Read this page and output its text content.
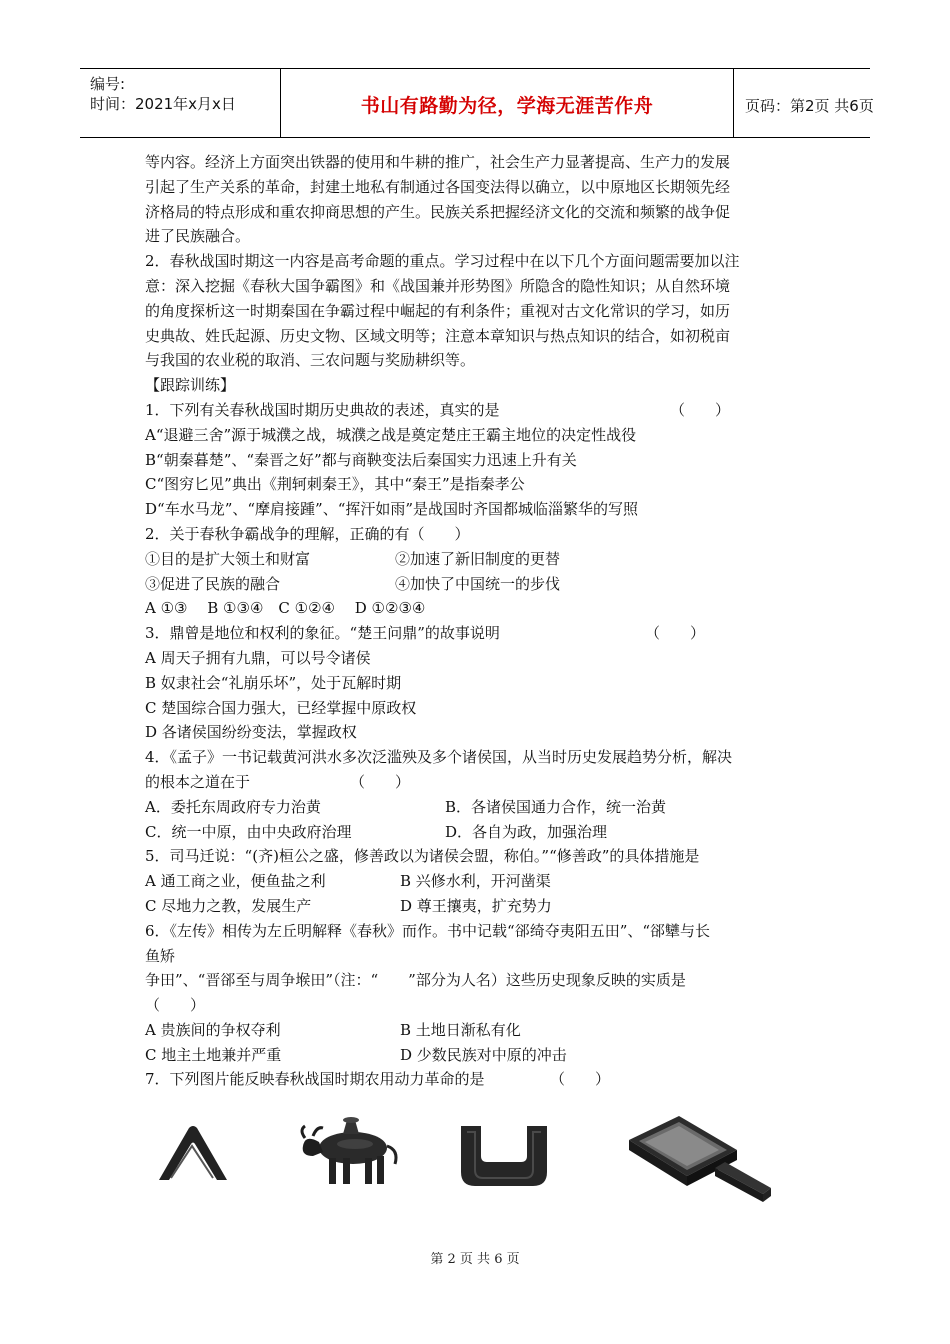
编号:
时间：2021年x月x日	书山有路勤为径，学海无涯苦作舟	页码：第2页 共6页
等内容。经济上方面突出铁器的使用和牛耕的推广，社会生产力显著提高、生产力的发展
引起了生产关系的革命，封建土地私有制通过各国变法得以确立，以中原地区长期领先经
济格局的特点形成和重农抑商思想的产生。民族关系把握经济文化的交流和频繁的战争促
进了民族融合。
2．春秋战国时期这一内容是高考命题的重点。学习过程中在以下几个方面问题需要加以注
意：深入挖掘《春秋大国争霸图》和《战国兼并形势图》所隐含的隐性知识；从自然环境
的角度探析这一时期秦国在争霸过程中崛起的有利条件；重视对古文化常识的学习，如历
史典故、姓氏起源、历史文物、区域文明等；注意本章知识与热点知识的结合，如初税亩
与我国的农业税的取消、三农问题与奖励耕织等。
【跟踪训练】
1．下列有关春秋战国时期历史典故的表述，真实的是	（　　）
A“退避三舍”源于城濮之战，城濮之战是奠定楚庄王霸主地位的决定性战役
B“朝秦暮楚”、“秦晋之好”都与商鞅变法后秦国实力迅速上升有关
C“图穷匕见”典出《荆轲刺秦王》，其中“秦王”是指秦孝公
D“车水马龙”、“摩肩接踵”、“挥汗如雨”是战国时齐国都城临淄繁华的写照
2．关于春秋争霸战争的理解，正确的有（　　）
①目的是扩大领土和财富	②加速了新旧制度的更替
③促进了民族的融合	④加快了中国统一的步伐
A ①③　 B ①③④　C ①②④　 D ①②③④
3．鼎曾是地位和权利的象征。“楚王问鼎”的故事说明	（　　）
A 周天子拥有九鼎，可以号令诸侯
B 奴隶社会“礼崩乐坏”，处于瓦解时期
C 楚国综合国力强大，已经掌握中原政权
D 各诸侯国纷纷变法，掌握政权
4．《孟子》一书记载黄河洪水多次泛滥殃及多个诸侯国，从当时历史发展趋势分析，解决
的根本之道在于	（　　）
A．委托东周政府专力治黄	B．各诸侯国通力合作，统一治黄
C．统一中原，由中央政府治理	D．各自为政，加强治理
5．司马迁说：“(齐)桓公之盛，修善政以为诸侯会盟，称伯。”“修善政”的具体措施是
A 通工商之业，便鱼盐之利	B 兴修水利，开河凿渠
C 尽地力之教，发展生产	D 尊王攘夷，扩充势力
6．《左传》相传为左丘明解释《春秋》而作。书中记载“郤绮夺夷阳五田”、“郤犫与长
鱼矫
争田”、“晋郤至与周争堠田”（注：“　　”部分为人名）这些历史现象反映的实质是
（　　）
A 贵族间的争权夺利	B 土地日渐私有化
C 地主土地兼并严重	D 少数民族对中原的冲击
7．下列图片能反映春秋战国时期农用动力革命的是	（　　）
第 2 页 共 6 页
